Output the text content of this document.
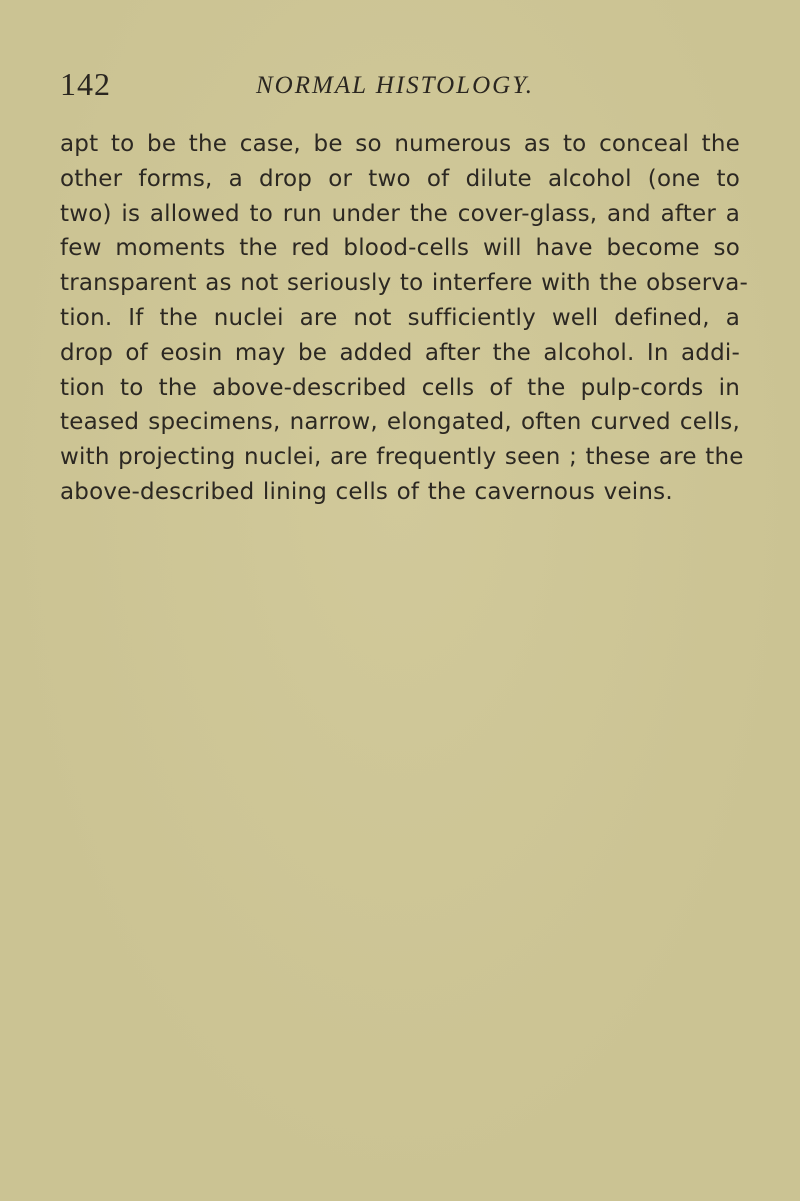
142	NORMAL HISTOLOGY.
apt to be the case, be so numerous as to conceal the
other forms, a drop or two of dilute alcohol (one to
two) is allowed to run under the cover-glass, and after a
few moments the red blood-cells will have become so
transparent as not seriously to interfere with the observa-
tion. If the nuclei are not sufficiently well defined, a
drop of eosin may be added after the alcohol. In addi-
tion to the above-described cells of the pulp-cords in
teased specimens, narrow, elongated, often curved cells,
with projecting nuclei, are frequently seen ; these are the
above-described lining cells of the cavernous veins.
